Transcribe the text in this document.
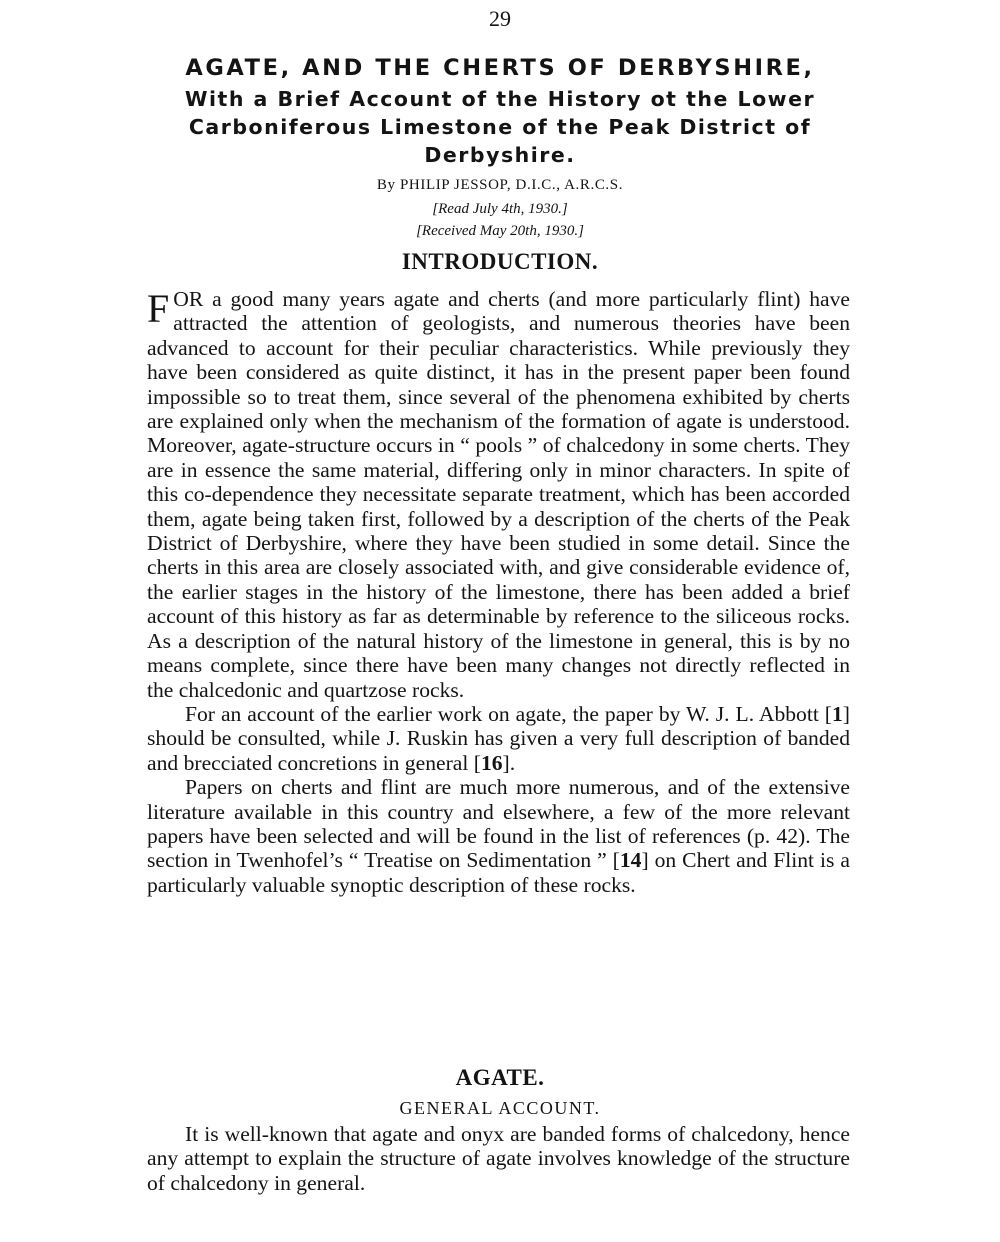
29
AGATE, AND THE CHERTS OF DERBYSHIRE,
With a Brief Account of the History ot the Lower Carboniferous Limestone of the Peak District of Derbyshire.
By PHILIP JESSOP, D.I.C., A.R.C.S.
[Read July 4th, 1930.]
[Received May 20th, 1930.]
INTRODUCTION.

FOR a good many years agate and cherts (and more particularly flint) have attracted the attention of geologists, and numerous theories have been advanced to account for their peculiar characteristics. While previously they have been considered as quite distinct, it has in the present paper been found impossible so to treat them, since several of the phenomena exhibited by cherts are explained only when the mechanism of the formation of agate is understood. Moreover, agate-structure occurs in “ pools ” of chalcedony in some cherts. They are in essence the same material, differing only in minor characters. In spite of this co-dependence they necessitate separate treatment, which has been accorded them, agate being taken first, followed by a description of the cherts of the Peak District of Derbyshire, where they have been studied in some detail. Since the cherts in this area are closely associated with, and give considerable evidence of, the earlier stages in the history of the limestone, there has been added a brief account of this history as far as determinable by reference to the siliceous rocks. As a description of the natural history of the limestone in general, this is by no means complete, since there have been many changes not directly reflected in the chalcedonic and quartzose rocks.

For an account of the earlier work on agate, the paper by W. J. L. Abbott [1] should be consulted, while J. Ruskin has given a very full description of banded and brecciated concretions in general [16].

Papers on cherts and flint are much more numerous, and of the extensive literature available in this country and elsewhere, a few of the more relevant papers have been selected and will be found in the list of references (p. 42). The section in Twenhofel’s “ Treatise on Sedimentation ” [14] on Chert and Flint is a particularly valuable synoptic description of these rocks.

AGATE.
GENERAL ACCOUNT.

It is well-known that agate and onyx are banded forms of chalcedony, hence any attempt to explain the structure of agate involves knowledge of the structure of chalcedony in general.
